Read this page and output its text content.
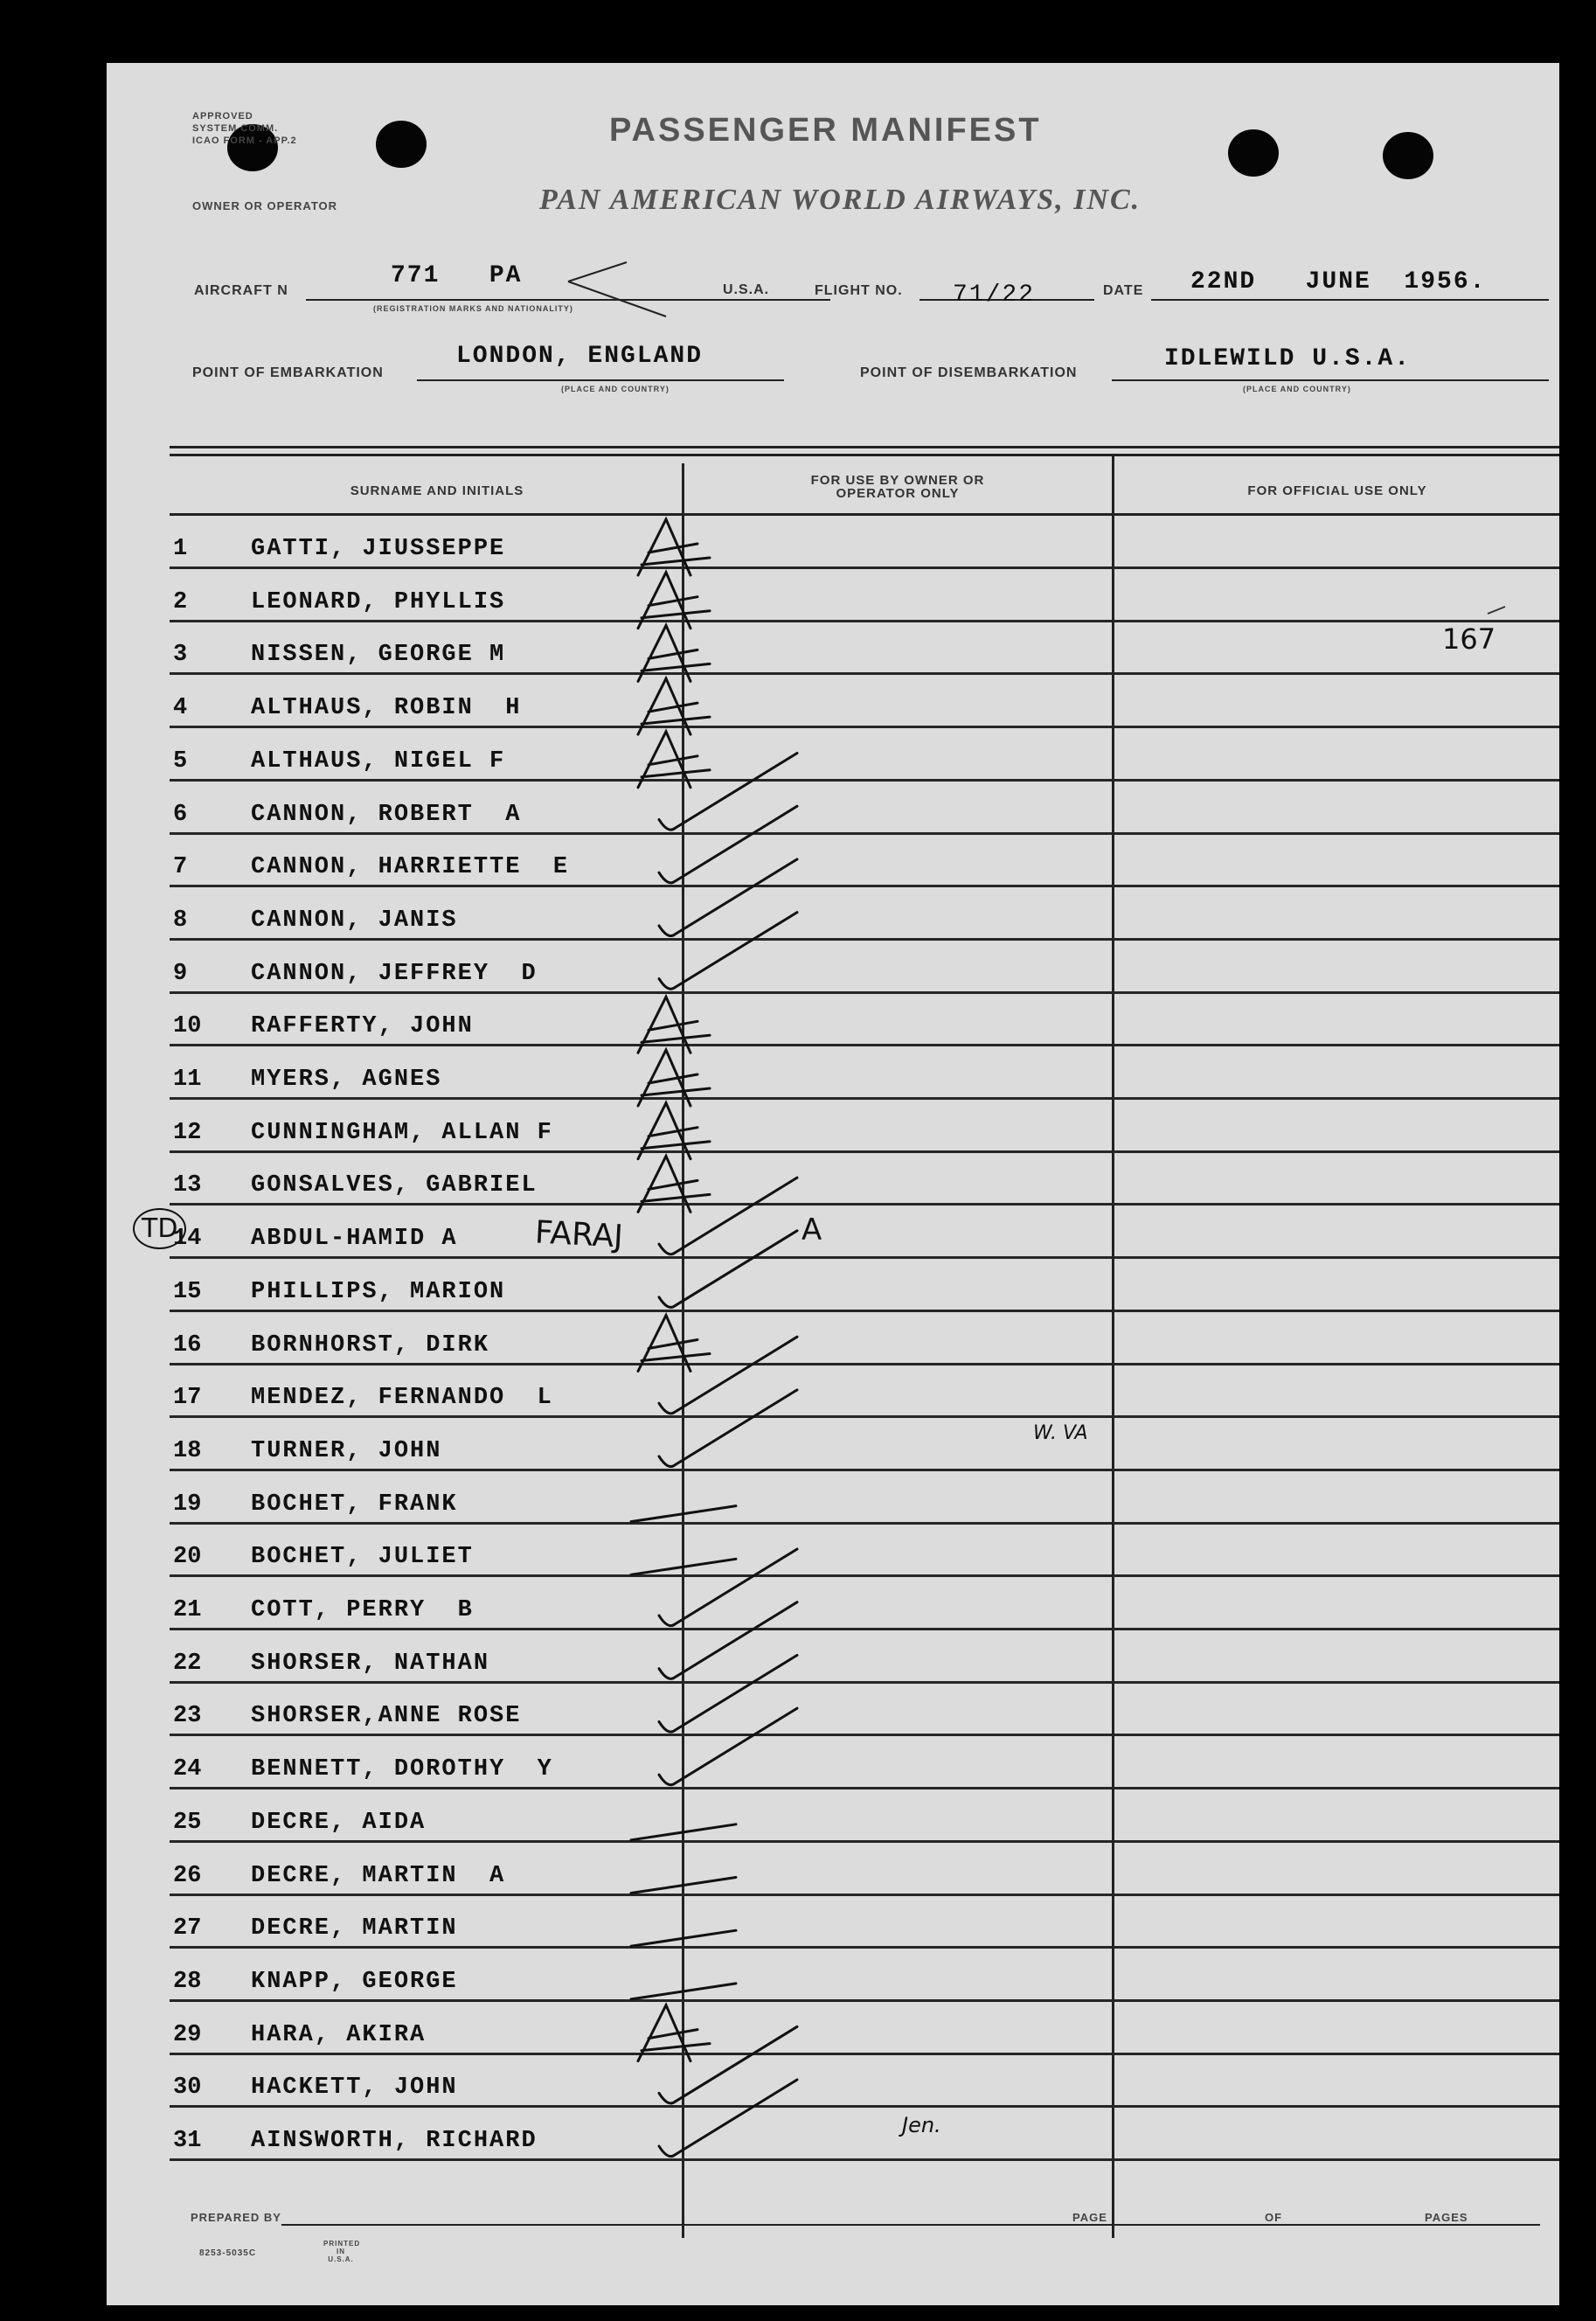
APPROVED
SYSTEM COMM.
ICAO FORM - APP.2
OWNER OR OPERATOR
PASSENGER MANIFEST
PAN AMERICAN WORLD AIRWAYS, INC.
AIRCRAFT N
771   PA
(REGISTRATION MARKS AND NATIONALITY)
U.S.A.	FLIGHT NO. 71/22	DATE 22ND   JUNE  1956.
POINT OF EMBARKATION
LONDON, ENGLAND
(PLACE AND COUNTRY)
POINT OF DISEMBARKATION
IDLEWILD U.S.A.
(PLACE AND COUNTRY)
SURNAME AND INITIALS
FOR USE BY OWNER OR OPERATOR ONLY	FOR OFFICIAL USE ONLY
1	GATTI, JIUSSEPPE
2	LEONARD, PHYLLIS
3	NISSEN, GEORGE M
4	ALTHAUS, ROBIN  H
5	ALTHAUS, NIGEL F
6	CANNON, ROBERT  A
7	CANNON, HARRIETTE  E
8	CANNON, JANIS
9	CANNON, JEFFREY  D
10	RAFFERTY, JOHN
11	MYERS, AGNES
12	CUNNINGHAM, ALLAN F
13	GONSALVES, GABRIEL
14	ABDUL-HAMID A
15	PHILLIPS, MARION
16	BORNHORST, DIRK
17	MENDEZ, FERNANDO  L
18	TURNER, JOHN
19	BOCHET, FRANK
20	BOCHET, JULIET
21	COTT, PERRY  B
22	SHORSER, NATHAN
23	SHORSER,ANNE ROSE
24	BENNETT, DOROTHY  Y
25	DECRE, AIDA
26	DECRE, MARTIN  A
27	DECRE, MARTIN
28	KNAPP, GEORGE
29	HARA, AKIRA
30	HACKETT, JOHN
31	AINSWORTH, RICHARD
167
TD	FARAJ	A
W. VA
Jen.
PREPARED BY	PAGE	OF	PAGES
8253-5035C
PRINTED IN U.S.A.
